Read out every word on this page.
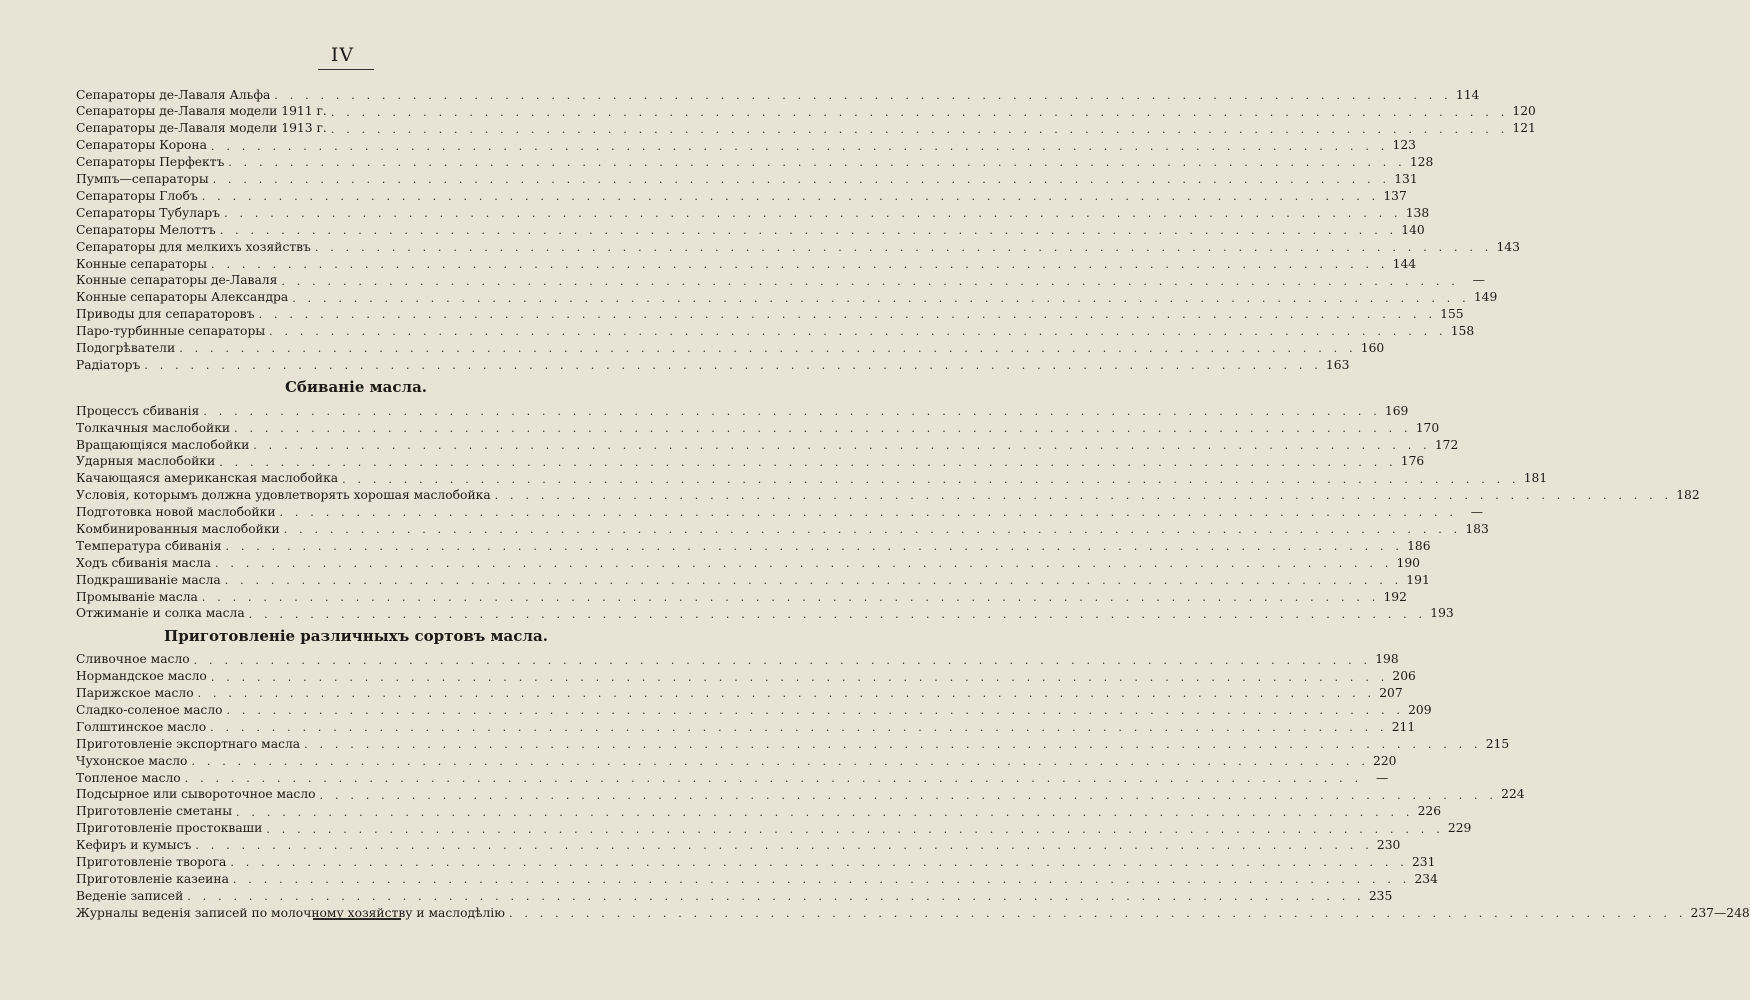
IV
Сепараторы де-Лаваля Альфа . . . . . . . . . . . . . . . . . . . . . . . . . . . . . . . . . . . . . . . . . . . . . . . . . . . . . . . . . . . . . . . . . . . . . . . . . . . . . 114
Сепараторы де-Лаваля модели 1911 г. . . . . . . . . . . . . . . . . . . . . . . . . . . . . . . . . . . . . . . . . . . . . . . . . . . . . . . . . . . . . . . . . . . . . . . . . . . . . . 120
Сепараторы де-Лаваля модели 1913 г. . . . . . . . . . . . . . . . . . . . . . . . . . . . . . . . . . . . . . . . . . . . . . . . . . . . . . . . . . . . . . . . . . . . . . . . . . . . . . 121
Сепараторы Корона . . . . . . . . . . . . . . . . . . . . . . . . . . . . . . . . . . . . . . . . . . . . . . . . . . . . . . . . . . . . . . . . . . . . . . . . . . . . . 123
Сепараторы Перфектъ . . . . . . . . . . . . . . . . . . . . . . . . . . . . . . . . . . . . . . . . . . . . . . . . . . . . . . . . . . . . . . . . . . . . . . . . . . . . . 128
Пумпъ—сепараторы . . . . . . . . . . . . . . . . . . . . . . . . . . . . . . . . . . . . . . . . . . . . . . . . . . . . . . . . . . . . . . . . . . . . . . . . . . . . . 131
Сепараторы Глобъ . . . . . . . . . . . . . . . . . . . . . . . . . . . . . . . . . . . . . . . . . . . . . . . . . . . . . . . . . . . . . . . . . . . . . . . . . . . . . 137
Сепараторы Тубуларъ . . . . . . . . . . . . . . . . . . . . . . . . . . . . . . . . . . . . . . . . . . . . . . . . . . . . . . . . . . . . . . . . . . . . . . . . . . . . . 138
Сепараторы Мелоттъ . . . . . . . . . . . . . . . . . . . . . . . . . . . . . . . . . . . . . . . . . . . . . . . . . . . . . . . . . . . . . . . . . . . . . . . . . . . . . 140
Сепараторы для мелкихъ хозяйствъ . . . . . . . . . . . . . . . . . . . . . . . . . . . . . . . . . . . . . . . . . . . . . . . . . . . . . . . . . . . . . . . . . . . . . . . . . . . . . 143
Конные сепараторы . . . . . . . . . . . . . . . . . . . . . . . . . . . . . . . . . . . . . . . . . . . . . . . . . . . . . . . . . . . . . . . . . . . . . . . . . . . . . 144
Конные сепараторы де-Лаваля . . . . . . . . . . . . . . . . . . . . . . . . . . . . . . . . . . . . . . . . . . . . . . . . . . . . . . . . . . . . . . . . . . . . . . . . . . . . .	—
Конные сепараторы Александра . . . . . . . . . . . . . . . . . . . . . . . . . . . . . . . . . . . . . . . . . . . . . . . . . . . . . . . . . . . . . . . . . . . . . . . . . . . . . 149
Приводы для сепараторовъ . . . . . . . . . . . . . . . . . . . . . . . . . . . . . . . . . . . . . . . . . . . . . . . . . . . . . . . . . . . . . . . . . . . . . . . . . . . . . 155
Паро-турбинные сепараторы . . . . . . . . . . . . . . . . . . . . . . . . . . . . . . . . . . . . . . . . . . . . . . . . . . . . . . . . . . . . . . . . . . . . . . . . . . . . . 158
Подогрѣватели . . . . . . . . . . . . . . . . . . . . . . . . . . . . . . . . . . . . . . . . . . . . . . . . . . . . . . . . . . . . . . . . . . . . . . . . . . . . . 160
Радіаторъ . . . . . . . . . . . . . . . . . . . . . . . . . . . . . . . . . . . . . . . . . . . . . . . . . . . . . . . . . . . . . . . . . . . . . . . . . . . . . 163
Сбиваніе масла.
Процессъ сбиванія . . . . . . . . . . . . . . . . . . . . . . . . . . . . . . . . . . . . . . . . . . . . . . . . . . . . . . . . . . . . . . . . . . . . . . . . . . . . . 169
Толкачныя маслобойки . . . . . . . . . . . . . . . . . . . . . . . . . . . . . . . . . . . . . . . . . . . . . . . . . . . . . . . . . . . . . . . . . . . . . . . . . . . . . 170
Вращающіяся маслобойки . . . . . . . . . . . . . . . . . . . . . . . . . . . . . . . . . . . . . . . . . . . . . . . . . . . . . . . . . . . . . . . . . . . . . . . . . . . . . 172
Ударныя маслобойки . . . . . . . . . . . . . . . . . . . . . . . . . . . . . . . . . . . . . . . . . . . . . . . . . . . . . . . . . . . . . . . . . . . . . . . . . . . . . 176
Качающаяся американская маслобойка . . . . . . . . . . . . . . . . . . . . . . . . . . . . . . . . . . . . . . . . . . . . . . . . . . . . . . . . . . . . . . . . . . . . . . . . . . . . . 181
Условія, которымъ должна удовлетворять хорошая маслобойка . . . . . . . . . . . . . . . . . . . . . . . . . . . . . . . . . . . . . . . . . . . . . . . . . . . . . . . . . . . . . . . . . . . . . . . . . . . . . 182
Подготовка новой маслобойки . . . . . . . . . . . . . . . . . . . . . . . . . . . . . . . . . . . . . . . . . . . . . . . . . . . . . . . . . . . . . . . . . . . . . . . . . . . . .	—
Комбинированныя маслобойки . . . . . . . . . . . . . . . . . . . . . . . . . . . . . . . . . . . . . . . . . . . . . . . . . . . . . . . . . . . . . . . . . . . . . . . . . . . . . 183
Температура сбиванія . . . . . . . . . . . . . . . . . . . . . . . . . . . . . . . . . . . . . . . . . . . . . . . . . . . . . . . . . . . . . . . . . . . . . . . . . . . . . 186
Ходъ сбиванія масла . . . . . . . . . . . . . . . . . . . . . . . . . . . . . . . . . . . . . . . . . . . . . . . . . . . . . . . . . . . . . . . . . . . . . . . . . . . . . 190
Подкрашиваніе масла . . . . . . . . . . . . . . . . . . . . . . . . . . . . . . . . . . . . . . . . . . . . . . . . . . . . . . . . . . . . . . . . . . . . . . . . . . . . . 191
Промываніе масла . . . . . . . . . . . . . . . . . . . . . . . . . . . . . . . . . . . . . . . . . . . . . . . . . . . . . . . . . . . . . . . . . . . . . . . . . . . . . 192
Отжиманіе и солка масла . . . . . . . . . . . . . . . . . . . . . . . . . . . . . . . . . . . . . . . . . . . . . . . . . . . . . . . . . . . . . . . . . . . . . . . . . . . . . 193
Приготовленіе различныхъ сортовъ масла.
Сливочное масло . . . . . . . . . . . . . . . . . . . . . . . . . . . . . . . . . . . . . . . . . . . . . . . . . . . . . . . . . . . . . . . . . . . . . . . . . . . . . 198
Нормандское масло . . . . . . . . . . . . . . . . . . . . . . . . . . . . . . . . . . . . . . . . . . . . . . . . . . . . . . . . . . . . . . . . . . . . . . . . . . . . . 206
Парижское масло . . . . . . . . . . . . . . . . . . . . . . . . . . . . . . . . . . . . . . . . . . . . . . . . . . . . . . . . . . . . . . . . . . . . . . . . . . . . . 207
Сладко-соленое масло . . . . . . . . . . . . . . . . . . . . . . . . . . . . . . . . . . . . . . . . . . . . . . . . . . . . . . . . . . . . . . . . . . . . . . . . . . . . . 209
Голштинское масло . . . . . . . . . . . . . . . . . . . . . . . . . . . . . . . . . . . . . . . . . . . . . . . . . . . . . . . . . . . . . . . . . . . . . . . . . . . . . 211
Приготовленіе экспортнаго масла . . . . . . . . . . . . . . . . . . . . . . . . . . . . . . . . . . . . . . . . . . . . . . . . . . . . . . . . . . . . . . . . . . . . . . . . . . . . . 215
Чухонское масло . . . . . . . . . . . . . . . . . . . . . . . . . . . . . . . . . . . . . . . . . . . . . . . . . . . . . . . . . . . . . . . . . . . . . . . . . . . . . 220
Топленое масло . . . . . . . . . . . . . . . . . . . . . . . . . . . . . . . . . . . . . . . . . . . . . . . . . . . . . . . . . . . . . . . . . . . . . . . . . . . . .	—
Подсырное или сывороточное масло . . . . . . . . . . . . . . . . . . . . . . . . . . . . . . . . . . . . . . . . . . . . . . . . . . . . . . . . . . . . . . . . . . . . . . . . . . . . . 224
Приготовленіе сметаны . . . . . . . . . . . . . . . . . . . . . . . . . . . . . . . . . . . . . . . . . . . . . . . . . . . . . . . . . . . . . . . . . . . . . . . . . . . . . 226
Приготовленіе простокваши . . . . . . . . . . . . . . . . . . . . . . . . . . . . . . . . . . . . . . . . . . . . . . . . . . . . . . . . . . . . . . . . . . . . . . . . . . . . . 229
Кефиръ и кумысъ . . . . . . . . . . . . . . . . . . . . . . . . . . . . . . . . . . . . . . . . . . . . . . . . . . . . . . . . . . . . . . . . . . . . . . . . . . . . . 230
Приготовленіе творога . . . . . . . . . . . . . . . . . . . . . . . . . . . . . . . . . . . . . . . . . . . . . . . . . . . . . . . . . . . . . . . . . . . . . . . . . . . . . 231
Приготовленіе казеина . . . . . . . . . . . . . . . . . . . . . . . . . . . . . . . . . . . . . . . . . . . . . . . . . . . . . . . . . . . . . . . . . . . . . . . . . . . . . 234
Веденіе записей . . . . . . . . . . . . . . . . . . . . . . . . . . . . . . . . . . . . . . . . . . . . . . . . . . . . . . . . . . . . . . . . . . . . . . . . . . . . . 235
Журналы веденія записей по молочному хозяйству и маслодѣлію . . . . . . . . . . . . . . . . . . . . . . . . . . . . . . . . . . . . . . . . . . . . . . . . . . . . . . . . . . . . . . . . . . . . . . . . . . . . . 237—248
